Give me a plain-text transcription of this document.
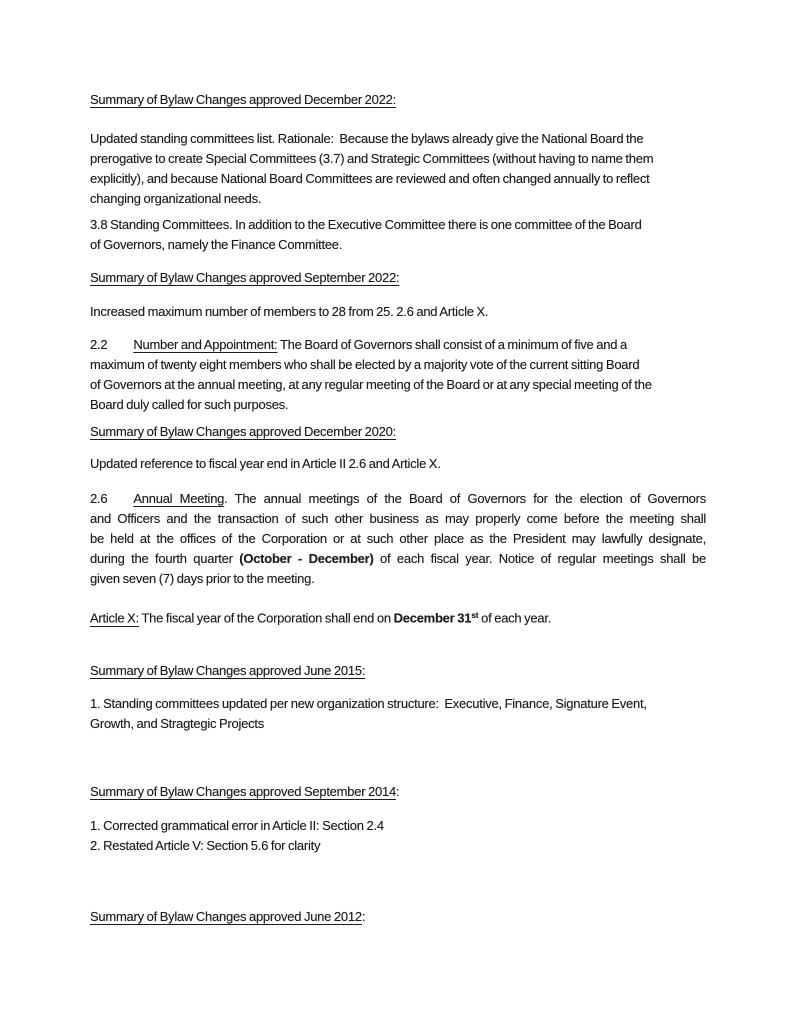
Summary of Bylaw Changes approved December 2022:
Updated standing committees list. Rationale:  Because the bylaws already give the National Board the
prerogative to create Special Committees (3.7) and Strategic Committees (without having to name them
explicitly), and because National Board Committees are reviewed and often changed annually to reflect
changing organizational needs.
3.8 Standing Committees. In addition to the Executive Committee there is one committee of the Board
of Governors, namely the Finance Committee.
Summary of Bylaw Changes approved September 2022:
Increased maximum number of members to 28 from 25. 2.6 and Article X.
2.2 Number and Appointment: The Board of Governors shall consist of a minimum of five and a
maximum of twenty eight members who shall be elected by a majority vote of the current sitting Board
of Governors at the annual meeting, at any regular meeting of the Board or at any special meeting of the
Board duly called for such purposes.
Summary of Bylaw Changes approved December 2020:
Updated reference to fiscal year end in Article II 2.6 and Article X.
2.6 Annual Meeting. The annual meetings of the Board of Governors for the election of Governors
and Officers and the transaction of such other business as may properly come before the meeting shall
be held at the offices of the Corporation or at such other place as the President may lawfully designate,
during the fourth quarter (October - December) of each fiscal year. Notice of regular meetings shall be
given seven (7) days prior to the meeting.
Article X: The fiscal year of the Corporation shall end on December 31st of each year.
Summary of Bylaw Changes approved June 2015:
1. Standing committees updated per new organization structure:  Executive, Finance, Signature Event,
Growth, and Stragtegic Projects
Summary of Bylaw Changes approved September 2014:
1. Corrected grammatical error in Article II: Section 2.4
2. Restated Article V: Section 5.6 for clarity
Summary of Bylaw Changes approved June 2012:
